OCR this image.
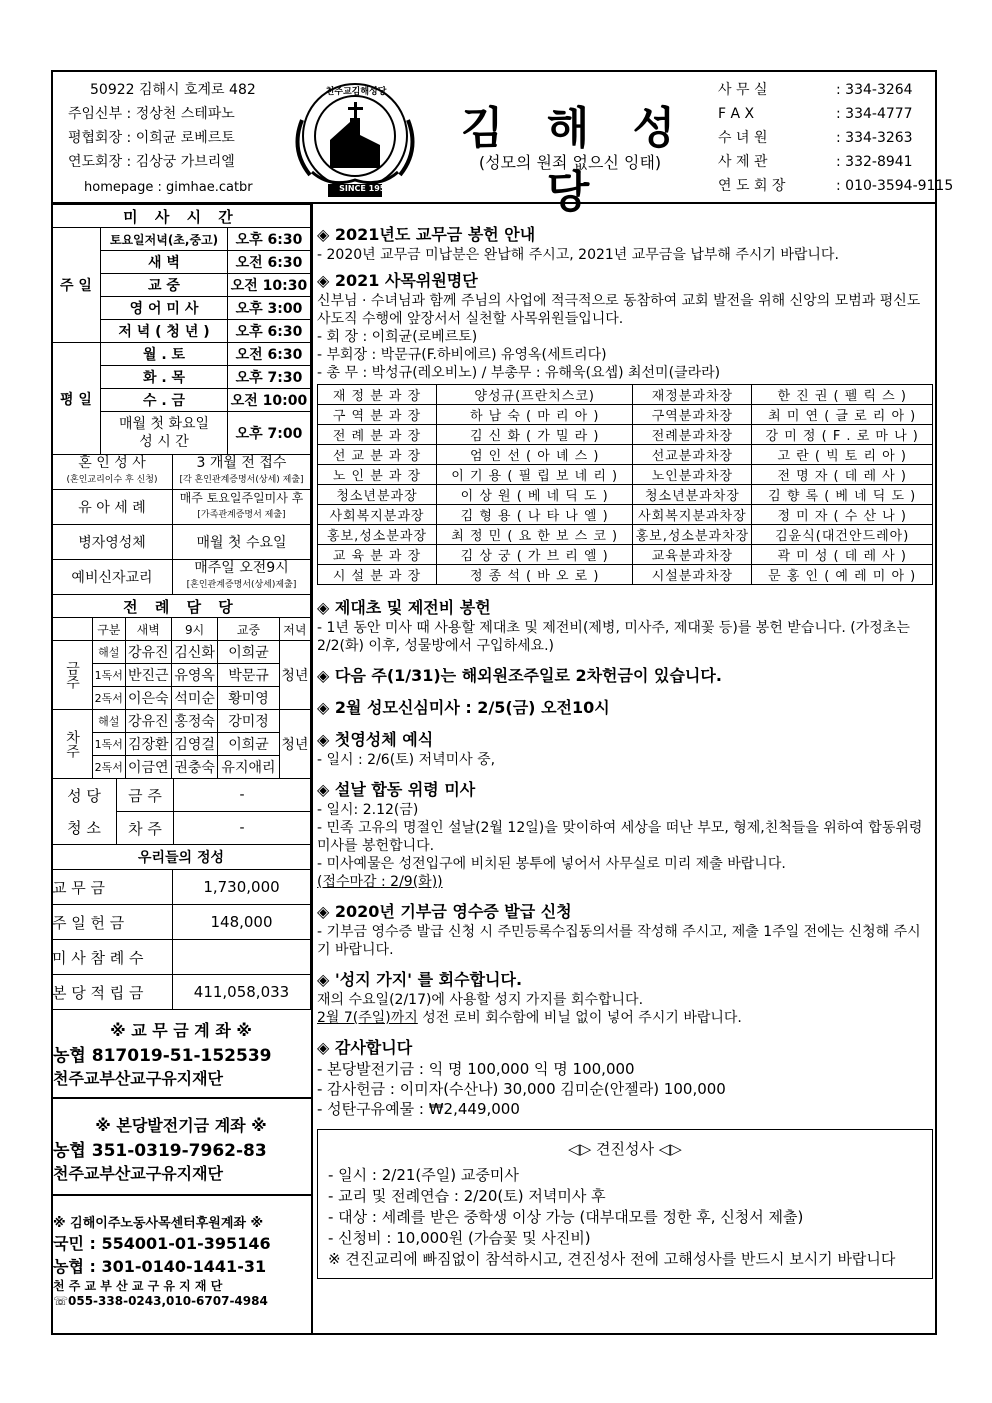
50922 김해시 호계로 482
주임신부 : 정상천 스테파노
평협회장 : 이희균 로베르토
연도회장 : 김상궁 가브리엘
homepage : gimhae.catbr
천주교김해성당
SINCE 1959
김 해 성 당
(성모의 원죄 없으신 잉태)
사 무 실	: 334-3264
F A X	: 334-4777
수 녀 원	: 334-3263
사 제 관	: 332-8941
연 도 회 장	: 010-3594-9115
미 사 시 간		
주 일	토요일저녁(초,중고)	오후 6:30
	새 벽	오전 6:30
	교 중	오전 10:30
	영 어 미 사	오후 3:00
	저 녁 ( 청 년 )	오후 6:30
평 일	월 . 토	오전 6:30
	화 . 목	오후 7:30
	수 . 금	오전 10:00
	매월 첫 화요일
성 시 간	오후 7:00
혼 인 성 사
(혼인교리이수 후 신청)	3 개월 전 접수
[각 혼인관계증명서(상세) 제출]
유 아 세 례	매주 토요일주일미사 후
[가족관계증명서 제출]
병자영성체	매월 첫 수요일
예비신자교리	매주일 오전9시
[혼인관계증명서(상세)제출]
전 례 담 당					
	구분	새벽	9시	교중	저녁
금주	해설	강유진	김신화	이희균	청년
	1독서	반진근	유영옥	박문규	
	2독서	이은숙	석미순	황미영	
차주	해설	강유진	홍정숙	강미정	청년
	1독서	김장환	김영걸	이희균	
	2독서	이금연	권충숙	유지애리	
성 당
청 소	금 주	-
	차 주	-
우리들의 정성	
교 무 금	1,730,000
주 일 헌 금	148,000
미 사 참 례 수	
본 당 적 립 금	411,058,033
※ 교 무 금 계 좌 ※
농협 817019-51-152539
천주교부산교구유지재단
※ 본당발전기금 계좌 ※
농협 351-0319-7962-83
천주교부산교구유지재단
※ 김해이주노동사목센터후원계좌 ※
국민 : 554001-01-395146
농협 : 301-0140-1441-31
천 주 교 부 산 교 구 유 지 재 단
☏055-338-0243,010-6707-4984
◈ 2021년도 교무금 봉헌 안내
- 2020년 교무금 미납분은 완납해 주시고, 2021년 교무금을 납부해 주시기 바랍니다.
◈ 2021 사목위원명단
신부님 · 수녀님과 함께 주님의 사업에 적극적으로 동참하여 교회 발전을 위해 신앙의 모범과 평신도 사도직 수행에 앞장서서 실천할 사목위원들입니다.
- 회 장 : 이희균(로베르토)
- 부회장 : 박문규(F.하비에르) 유영옥(세트리다)
- 총 무 : 박성규(레오비노) / 부총무 : 유해욱(요셉) 최선미(클라라)
재 정 분 과 장	양성규(프란치스코)	재정분과차장	한 진 권 ( 펠 릭 스 )
구 역 분 과 장	하 남 숙 ( 마 리 아 )	구역분과차장	최 미 연 ( 글 로 리 아 )
전 례 분 과 장	김 신 화 ( 가 밀 라 )	전례분과차장	강 미 정 ( F . 로 마 나 )
선 교 분 과 장	엄 인 선 ( 아 녜 스 )	선교분과차장	고 란 ( 빅 토 리 아 )
노 인 분 과 장	이 기 용 ( 필 립 보 네 리 )	노인분과차장	전 명 자 ( 데 레 사 )
청소년분과장	이 상 원 ( 베 네 딕 도 )	청소년분과차장	김 향 록 ( 베 네 딕 도 )
사회복지분과장	김 형 용 ( 나 타 나 엘 )	사회복지분과차장	정 미 자 ( 수 산 나 )
홍보,성소분과장	최 정 민 ( 요 한 보 스 코 )	홍보,성소분과차장	김윤식(대건안드레아)
교 육 분 과 장	김 상 궁 ( 가 브 리 엘 )	교육분과차장	곽 미 성 ( 데 레 사 )
시 설 분 과 장	정 종 석 ( 바 오 로 )	시설분과차장	문 홍 인 ( 예 레 미 아 )
◈ 제대초 및 제전비 봉헌
- 1년 동안 미사 때 사용할 제대초 및 제전비(제병, 미사주, 제대꽃 등)를 봉헌 받습니다. (가정초는 2/2(화) 이후, 성물방에서 구입하세요.)
◈ 다음 주(1/31)는 해외원조주일로 2차헌금이 있습니다.
◈ 2월 성모신심미사 : 2/5(금) 오전10시
◈ 첫영성체 예식
- 일시 : 2/6(토) 저녁미사 중,
◈ 설날 합동 위령 미사
- 일시: 2.12(금)
- 민족 고유의 명절인 설날(2월 12일)을 맞이하여 세상을 떠난 부모, 형제,친척들을 위하여 합동위령미사를 봉헌합니다.
- 미사예물은 성전입구에 비치된 봉투에 넣어서 사무실로 미리 제출 바랍니다.
(접수마감 : 2/9(화))
◈ 2020년 기부금 영수증 발급 신청
- 기부금 영수증 발급 신청 시 주민등록수집동의서를 작성해 주시고, 제출 1주일 전에는 신청해 주시기 바랍니다.
◈ '성지 가지' 를 회수합니다.
재의 수요일(2/17)에 사용할 성지 가지를 회수합니다.
2월 7(주일)까지 성전 로비 회수함에 비닐 없이 넣어 주시기 바랍니다.
◈ 감사합니다
- 본당발전기금 : 익 명 100,000 익 명 100,000
- 감사헌금 : 이미자(수산나) 30,000 김미순(안젤라) 100,000
- 성탄구유예물 : ₩2,449,000
◁▷ 견진성사 ◁▷
- 일시 : 2/21(주일) 교중미사
- 교리 및 전례연습 : 2/20(토) 저녁미사 후
- 대상 : 세례를 받은 중학생 이상 가능 (대부대모를 정한 후, 신청서 제출)
- 신청비 : 10,000원 (가슴꽃 및 사진비)
※ 견진교리에 빠짐없이 참석하시고, 견진성사 전에 고해성사를 반드시 보시기 바랍니다
